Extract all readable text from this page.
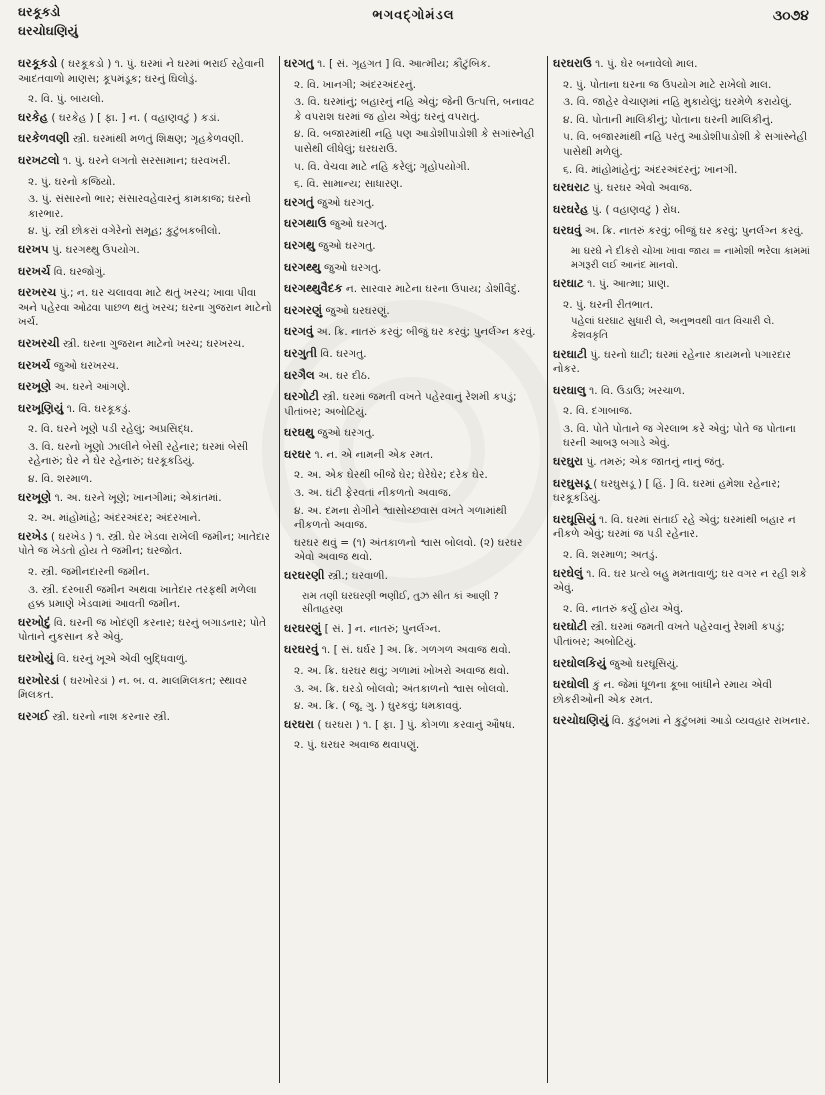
ઘરકૂકડો
ઘરચોઘણિયું
ભગવદ્ગોમંડલ	૩૦૭૪
ઘરકૂકડો ( ઘરકૂકડો ) ૧. પું. ઘરમાં ને ઘરમાં ભરાઈ રહેવાની આદતવાળો માણસ; કૂપમંડૂક; ઘરનું ઘિલોડું.
૨. વિ. પું. બાયલો.
ઘરકેહ ( ઘરકેહ ) [ ફા. ] ન. ( વહાણવટું ) કડાં.
ઘરકેળવણી સ્ત્રી. ઘરમાંથી મળતું શિક્ષણ; ગૃહકેળવણી.
ઘરખટલો ૧. પું. ઘરને લગતો સરસામાન; ઘરવખરી.
૨. પું. ઘરનો કજિયો.
૩. પું. સંસારનો ભાર; સંસારવહેવારનું કામકાજ; ઘરનો કારભાર.
૪. પું. સ્ત્રી છોકરાં વગેરેનો સમૂહ; કુટુંબકબીલો.
ઘરખપ પું. ઘરગથ્થુ ઉપયોગ.
ઘરખર્ચ વિ. ઘરજોગું.
ઘરખરચ પું.; ન. ઘર ચલાવવા માટે થતું ખરચ; ખાવા પીવા અને પહેરવા ઓઢવા પાછળ થતું ખરચ; ઘરના ગુજરાન માટેનો ખર્ચ.
ઘરખરચી સ્ત્રી. ઘરના ગુજરાન માટેનો ખરચ; ઘરખરચ.
ઘરખર્ચ જુઓ ઘરખરચ.
ઘરખૂણે અ. ઘરને આંગણે.
ઘરખૂણિયું ૧. વિ. ઘરકૂકડું.
૨. વિ. ઘરને ખૂણે પડી રહેલું; અપ્રસિદ્ધ.
૩. વિ. ઘરનો ખૂણો ઝાલીને બેસી રહેનાર; ઘરમાં બેસી રહેનારું; ઘેર ને ઘેર રહેનારું; ઘરકૂકડિયું.
૪. વિ. શરમાળ.
ઘરખૂણે ૧. અ. ઘરને ખૂણે; ખાનગીમાં; એકાંતમાં.
૨. અ. માંહોમાંહે; અંદરઅંદર; અંદરખાને.
ઘરખેડ ( ઘરખેડ ) ૧. સ્ત્રી. ઘેર ખેડવા રાખેલી જમીન; ખાતેદાર પોતે જ ખેડતો હોય તે જમીન; ઘરજોત.
૨. સ્ત્રી. જમીનદારની જમીન.
૩. સ્ત્રી. દરબારી જમીન અથવા ખાતેદાર તરફથી મળેલા હક્ક પ્રમાણે ખેડવામાં આવતી જમીન.
ઘરખોદું વિ. ઘરની જ ખોદણી કરનાર; ઘરનું બગાડનાર; પોતે પોતાને નુકસાન કરે એવું.
ઘરખોયું વિ. ઘરનું ખૂએ એવી બુદ્ધિવાળું.
ઘરખોરડાં ( ઘરખોરડાં ) ન. બ. વ. માલમિલકત; સ્થાવર મિલકત.
ઘરગઈ સ્ત્રી. ઘરનો નાશ કરનાર સ્ત્રી.
ઘરગતુ ૧. [ સં. ગૃહગત ] વિ. આત્મીય; કૌટુંબિક.
૨. વિ. ખાનગી; અંદરઅંદરનું.
૩. વિ. ઘરમાંનું; બહારનું નહિ એવું; જેની ઉત્પત્તિ, બનાવટ કે વપરાશ ઘરમાં જ હોય એવું; ઘરનું વપરાતું.
૪. વિ. બજારમાંથી નહિ પણ આડોશીપાડોશી કે સગાંસ્નેહી પાસેથી લીધેલું; ઘરઘરાઉ.
૫. વિ. વેચવા માટે નહિ કરેલું; ગૃહોપયોગી.
૬. વિ. સામાન્ય; સાધારણ.
ઘરગતું જુઓ ઘરગતુ.
ઘરગથાઉ જુઓ ઘરગતુ.
ઘરગથુ જુઓ ઘરગતુ.
ઘરગથ્થુ જુઓ ઘરગતુ.
ઘરગથ્થુવૈદક ન. સારવાર માટેના ઘરના ઉપાય; ડોશીવૈદું.
ઘરગરણું જુઓ ઘરઘરણું.
ઘરગવું અ. ક્રિ. નાતરું કરવું; બીજું ઘર કરવું; પુનર્લગ્ન કરવું.
ઘરગુતી વિ. ઘરગતુ.
ઘરગૈલ અ. ઘર દીઠ.
ઘરગોટી સ્ત્રી. ઘરમાં જમતી વખતે પહેરવાનું રેશમી કપડું; પીતાંબર; અબોટિયું.
ઘરઘથુ જુઓ ઘરગતુ.
ઘરઘર ૧. ન. એ નામની એક રમત.
૨. અ. એક ઘેરથી બીજે ઘેર; ઘેરેઘેર; દરેક ઘેર.
૩. અ. ઘંટી ફેરવતાં નીકળતો અવાજ.
૪. અ. દમના રોગીને શ્વાસોચ્છ્વાસ વખતે ગળામાંથી નીકળતો અવાજ.
ઘરઘર થવું = (૧) અંતકાળનો શ્વાસ બોલવો. (૨) ઘરઘર એવો અવાજ થવો.
ઘરઘરણી સ્ત્રી.; ઘરવાળી.
રામ તણી ઘરઘરણી ભણીઈ, તુઝ સીત કાં આણી ? સીતાહરણ
ઘરઘરણું [ સં. ] ન. નાતરું; પુનર્લગ્ન.
ઘરઘરવું ૧. [ સં. ઘર્ઘર ] અ. ક્રિ. ગળગળ અવાજ થવો.
૨. અ. ક્રિ. ઘરઘર થવું; ગળામાં ખોખરો અવાજ થવો.
૩. અ. ક્રિ. ઘરડો બોલવો; અંતકાળનો શ્વાસ બોલવો.
૪. અ. ક્રિ. ( જૂ. ગુ. ) ઘુરકવું; ધમકાવવું.
ઘરઘરા ( ઘરઘરા ) ૧. [ ફા. ] પું. કોગળા કરવાનું ઔષધ.
૨. પું. ઘરઘર અવાજ થવાપણું.
ઘરઘરાઉ ૧. પું. ઘેર બનાવેલો માલ.
૨. પું. પોતાના ઘરના જ ઉપયોગ માટે રાખેલો માલ.
૩. વિ. જાહેર વેચાણમાં નહિ મુકાયેલું; ઘરમેળે કરાયેલું.
૪. વિ. પોતાની માલિકીનું; પોતાના ઘરની માલિકીનું.
૫. વિ. બજારમાંથી નહિ પરંતુ આડોશીપાડોશી કે સગાંસ્નેહી પાસેથી મળેલું.
૬. વિ. માંહોમાંહેનું; અંદરઅંદરનું; ખાનગી.
ઘરઘરાટ પું. ઘરઘર એવો અવાજ.
ઘરઘરેહ પું. ( વહાણવટું ) રોધ.
ઘરઘવું અ. ક્રિ. નાતરું કરવું; બીજું ઘર કરવું; પુનર્લગ્ન કરવું.
મા ઘરઘે ને દીકરો ચોખા ખાવા જાય = નામોશી ભરેલા કામમાં મગરૂરી લઈ આનંદ માનવો.
ઘરઘાટ ૧. પું. આત્મા; પ્રાણ.
૨. પું. ઘરની રીતભાત.
પહેલાં ઘરઘાટ સુધારી લે, અનુભવથી વાત વિચારી લે. કેશવકૃતિ
ઘરઘાટી પું. ઘરનો ઘાટી; ઘરમાં રહેનાર કાયમનો પગારદાર નોકર.
ઘરઘાલુ ૧. વિ. ઉડાઉ; ખરચાળ.
૨. વિ. દગાબાજ.
૩. વિ. પોતે પોતાને જ ગેરલાભ કરે એવું; પોતે જ પોતાના ઘરની આબરૂ બગાડે એવું.
ઘરઘુરા પું. તમરું; એક જાતનું નાનું જંતુ.
ઘરઘુસડૂ ( ઘરઘુસડૂ ) [ હિં. ] વિ. ઘરમાં હમેશા રહેનાર; ઘરકૂકડિયું.
ઘરઘૂસિયું ૧. વિ. ઘરમાં સંતાઈ રહે એવું; ઘરમાંથી બહાર ન નીકળે એવું; ઘરમાં જ પડી રહેનાર.
૨. વિ. શરમાળ; અતડું.
ઘરઘેલું ૧. વિ. ઘર પ્રત્યે બહુ મમતાવાળું; ઘર વગર ન રહી શકે એવું.
૨. વિ. નાતરું કર્યું હોય એવું.
ઘરઘોટી સ્ત્રી. ઘરમાં જમતી વખતે પહેરવાનું રેશમી કપડું; પીતાંબર; અબોટિયું.
ઘરઘોલકિયું જુઓ ઘરઘૂસિયું.
ઘરઘોલી કું ન. જેમાં ધૂળના કૂબા બાંધીને રમાય એવી છોકરીઓની એક રમત.
ઘરચોઘણિયું વિ. કુટુંબમાં ને કુટુંબમાં આડો વ્યવહાર રાખનાર.
